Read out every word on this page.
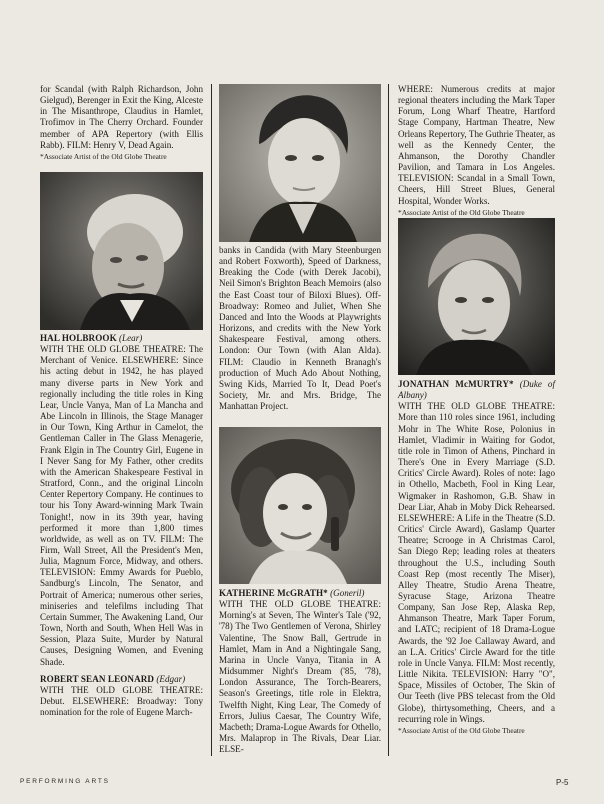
for Scandal (with Ralph Richardson, John Gielgud), Berenger in Exit the King, Alceste in The Misanthrope, Claudius in Hamlet, Trofimov in The Cherry Orchard. Founder member of APA Repertory (with Ellis Rabb). FILM: Henry V, Dead Again.

*Associate Artist of the Old Globe Theatre

HAL HOLBROOK (Lear)
WITH THE OLD GLOBE THEATRE: The Merchant of Venice. ELSEWHERE: Since his acting debut in 1942, he has played many diverse parts in New York and regionally including the title roles in King Lear, Uncle Vanya, Man of La Mancha and Abe Lincoln in Illinois, the Stage Manager in Our Town, King Arthur in Camelot, the Gentleman Caller in The Glass Menagerie, Frank Elgin in The Country Girl, Eugene in I Never Sang for My Father, other credits with the American Shakespeare Festival in Stratford, Conn., and the original Lincoln Center Repertory Company. He continues to tour his Tony Award-winning Mark Twain Tonight!, now in its 39th year, having performed it more than 1,800 times worldwide, as well as on TV. FILM: The Firm, Wall Street, All the President's Men, Julia, Magnum Force, Midway, and others. TELEVISION: Emmy Awards for Pueblo, Sandburg's Lincoln, The Senator, and Portrait of America; numerous other series, miniseries and telefilms including That Certain Summer, The Awakening Land, Our Town, North and South, When Hell Was in Session, Plaza Suite, Murder by Natural Causes, Designing Women, and Evening Shade.

ROBERT SEAN LEONARD (Edgar)
WITH THE OLD GLOBE THEATRE: Debut. ELSEWHERE: Broadway: Tony nomination for the role of Eugene March-

banks in Candida (with Mary Steenburgen and Robert Foxworth), Speed of Darkness, Breaking the Code (with Derek Jacobi), Neil Simon's Brighton Beach Memoirs (also the East Coast tour of Biloxi Blues). Off-Broadway: Romeo and Juliet, When She Danced and Into the Woods at Playwrights Horizons, and credits with the New York Shakespeare Festival, among others. London: Our Town (with Alan Alda). FILM: Claudio in Kenneth Branagh's production of Much Ado About Nothing, Swing Kids, Married To It, Dead Poet's Society, Mr. and Mrs. Bridge, The Manhattan Project.

KATHERINE McGRATH* (Goneril)
WITH THE OLD GLOBE THEATRE: Morning's at Seven, The Winter's Tale ('92, '78) The Two Gentlemen of Verona, Shirley Valentine, The Snow Ball, Gertrude in Hamlet, Mam in And a Nightingale Sang, Marina in Uncle Vanya, Titania in A Midsummer Night's Dream ('85, '78), London Assurance, The Torch-Bearers, Season's Greetings, title role in Elektra, Twelfth Night, King Lear, The Comedy of Errors, Julius Caesar, The Country Wife, Macbeth; Drama-Logue Awards for Othello, Mrs. Malaprop in The Rivals, Dear Liar. ELSE-

WHERE: Numerous credits at major regional theaters including the Mark Taper Forum, Long Wharf Theatre, Hartford Stage Company, Hartman Theatre, New Orleans Repertory, The Guthrie Theater, as well as the Kennedy Center, the Ahmanson, the Dorothy Chandler Pavilion, and Tamara in Los Angeles. TELEVISION: Scandal in a Small Town, Cheers, Hill Street Blues, General Hospital, Wonder Works.

*Associate Artist of the Old Globe Theatre

JONATHAN McMURTRY* (Duke of Albany)
WITH THE OLD GLOBE THEATRE: More than 110 roles since 1961, including Mohr in The White Rose, Polonius in Hamlet, Vladimir in Waiting for Godot, title role in Timon of Athens, Pinchard in There's One in Every Marriage (S.D. Critics' Circle Award). Roles of note: Iago in Othello, Macbeth, Fool in King Lear, Wigmaker in Rashomon, G.B. Shaw in Dear Liar, Ahab in Moby Dick Rehearsed. ELSEWHERE: A Life in the Theatre (S.D. Critics' Circle Award), Gaslamp Quarter Theatre; Scrooge in A Christmas Carol, San Diego Rep; leading roles at theaters throughout the U.S., including South Coast Rep (most recently The Miser), Alley Theatre, Studio Arena Theatre, Syracuse Stage, Arizona Theatre Company, San Jose Rep, Alaska Rep, Ahmanson Theatre, Mark Taper Forum, and LATC; recipient of 18 Drama-Logue Awards, the '92 Joe Callaway Award, and an L.A. Critics' Circle Award for the title role in Uncle Vanya. FILM: Most recently, Little Nikita. TELEVISION: Harry "O", Space, Missiles of October, The Skin of Our Teeth (live PBS telecast from the Old Globe), thirtysomething, Cheers, and a recurring role in Wings.

*Associate Artist of the Old Globe Theatre

PERFORMING ARTS	P-5
